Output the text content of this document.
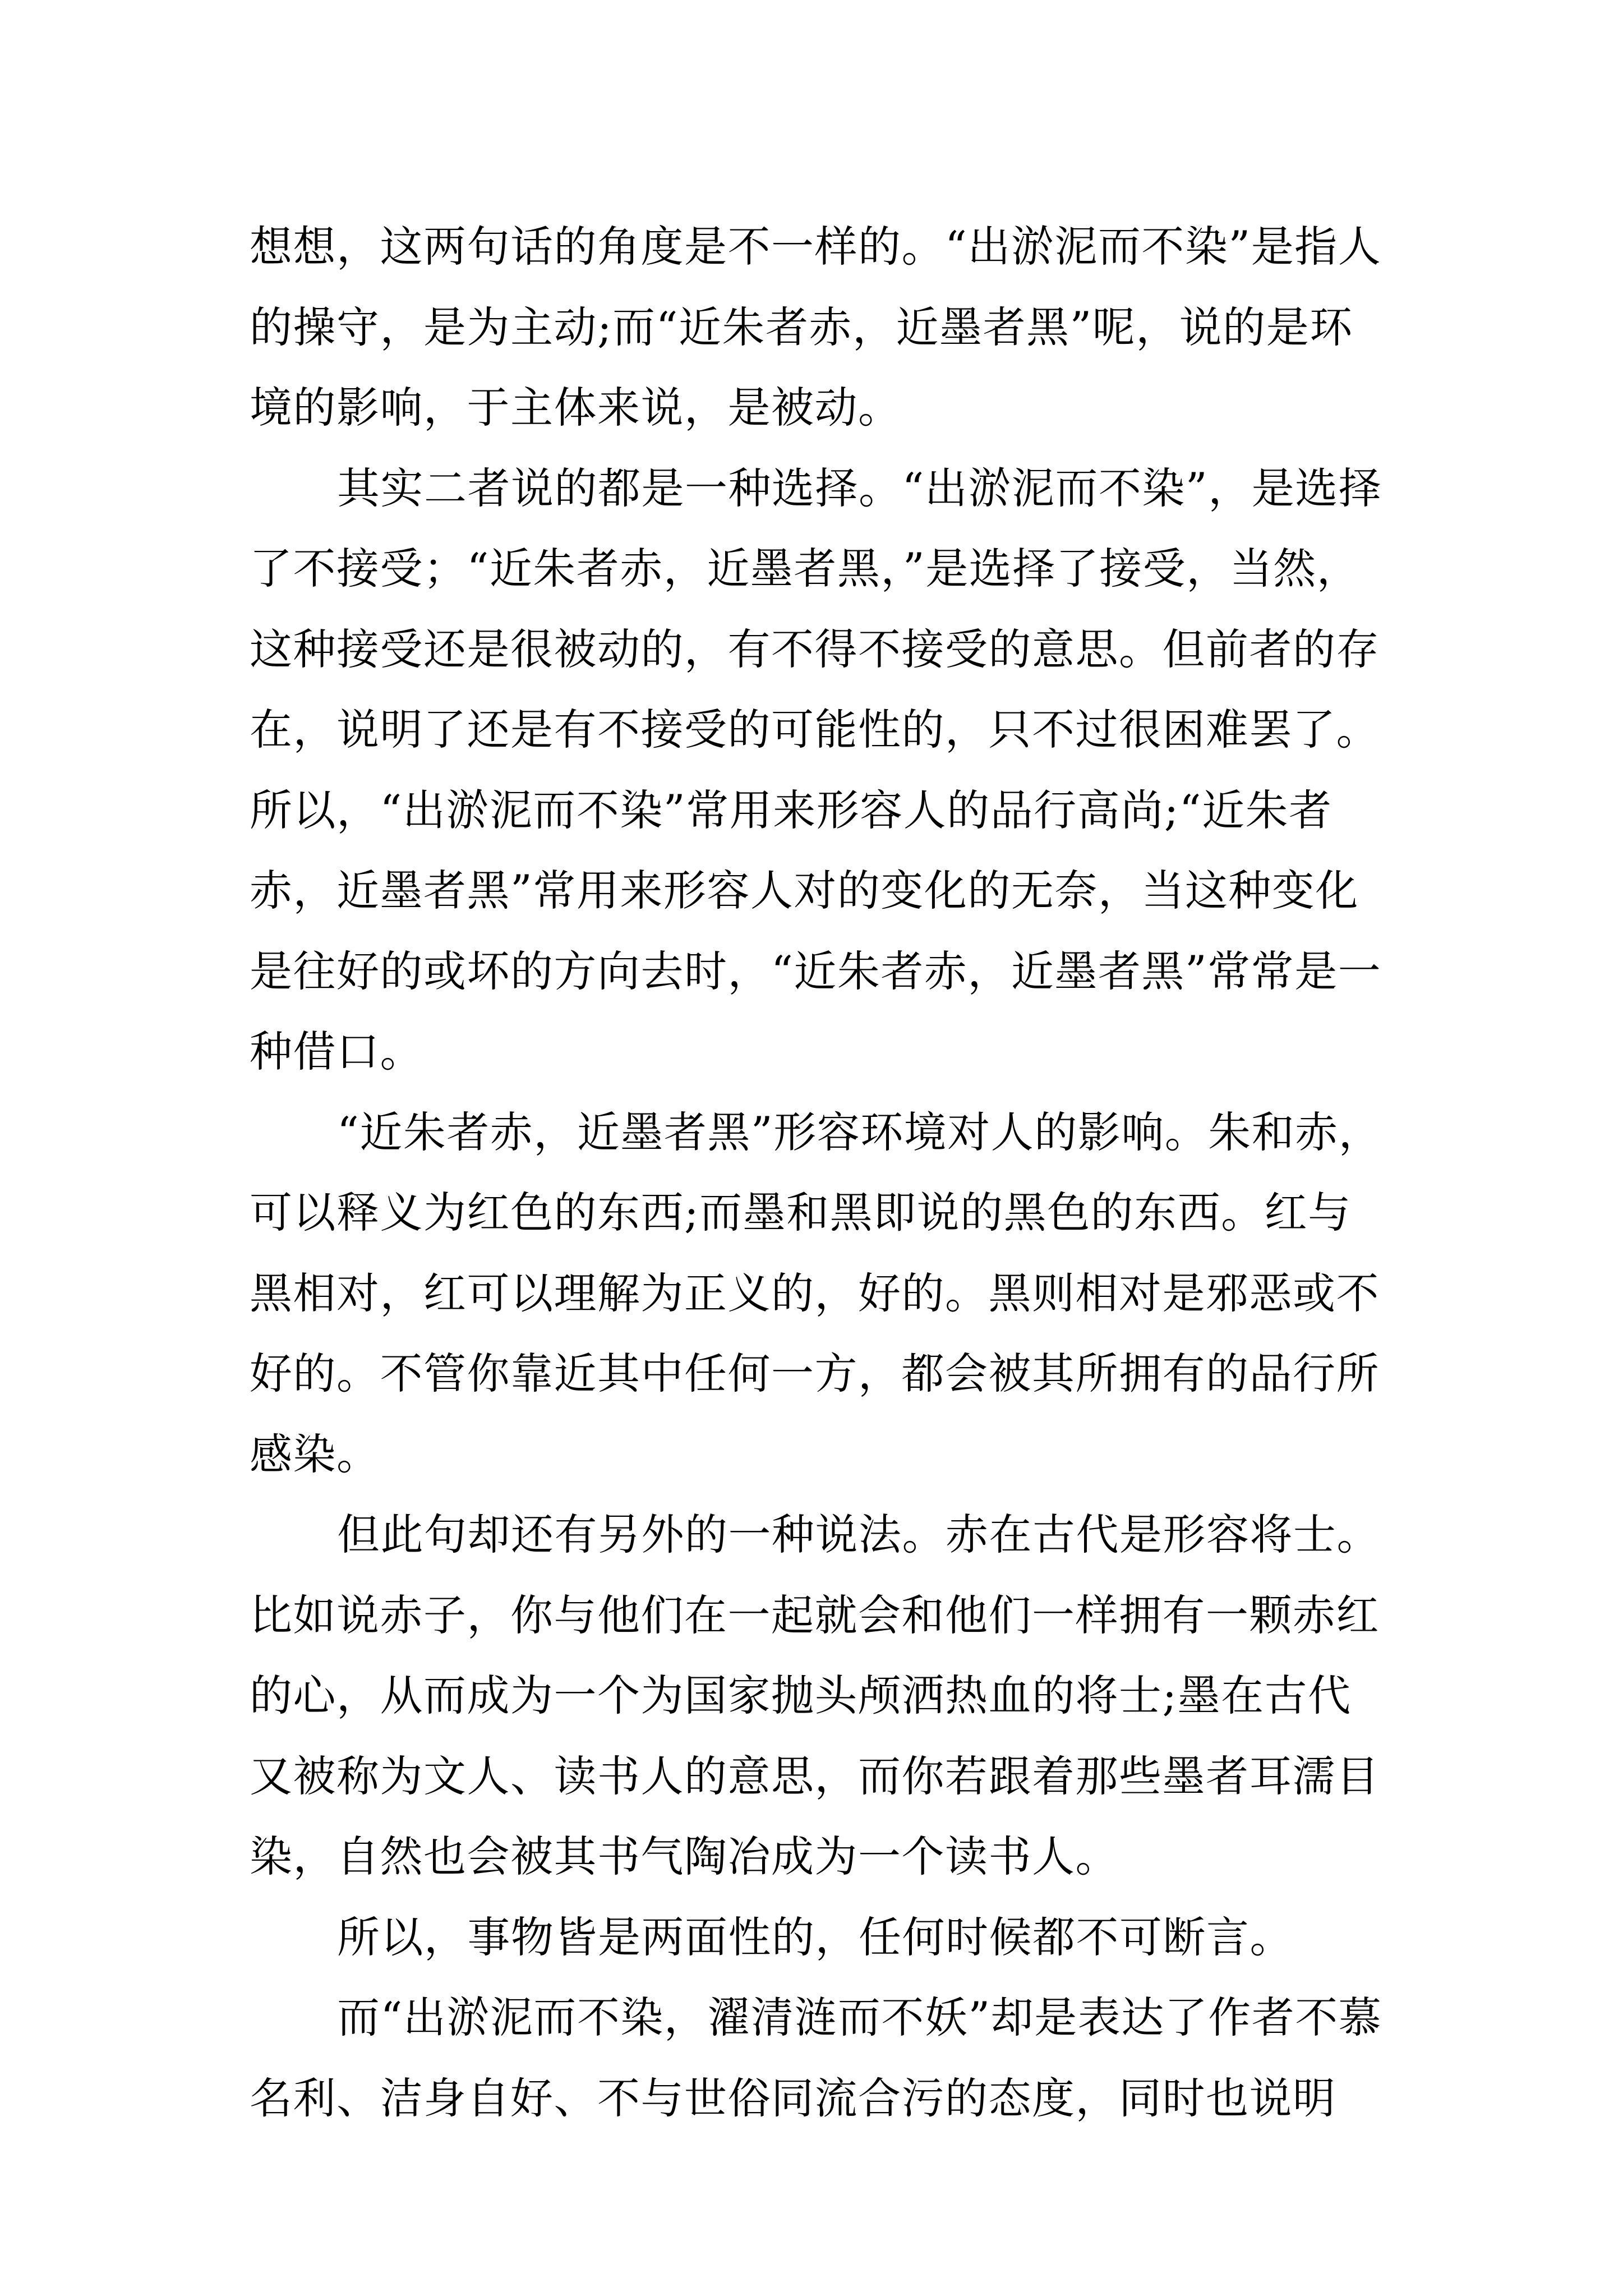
想想，这两句话的角度是不一样的。“出淤泥而不染”是指人的操守，是为主动;而“近朱者赤，近墨者黑”呢，说的是环境的影响，于主体来说，是被动。

其实二者说的都是一种选择。“出淤泥而不染”，是选择了不接受；“近朱者赤，近墨者黑，”是选择了接受，当然，这种接受还是很被动的，有不得不接受的意思。但前者的存在，说明了还是有不接受的可能性的，只不过很困难罢了。所以，“出淤泥而不染”常用来形容人的品行高尚;“近朱者赤，近墨者黑”常用来形容人对的变化的无奈，当这种变化是往好的或坏的方向去时，“近朱者赤，近墨者黑”常常是一种借口。

“近朱者赤，近墨者黑”形容环境对人的影响。朱和赤，可以释义为红色的东西;而墨和黑即说的黑色的东西。红与黑相对，红可以理解为正义的，好的。黑则相对是邪恶或不好的。不管你靠近其中任何一方，都会被其所拥有的品行所感染。

但此句却还有另外的一种说法。赤在古代是形容将士。比如说赤子，你与他们在一起就会和他们一样拥有一颗赤红的心，从而成为一个为国家抛头颅洒热血的将士;墨在古代又被称为文人、读书人的意思，而你若跟着那些墨者耳濡目染，自然也会被其书气陶冶成为一个读书人。

所以，事物皆是两面性的，任何时候都不可断言。

而“出淤泥而不染，濯清涟而不妖”却是表达了作者不慕名利、洁身自好、不与世俗同流合污的态度，同时也说明
